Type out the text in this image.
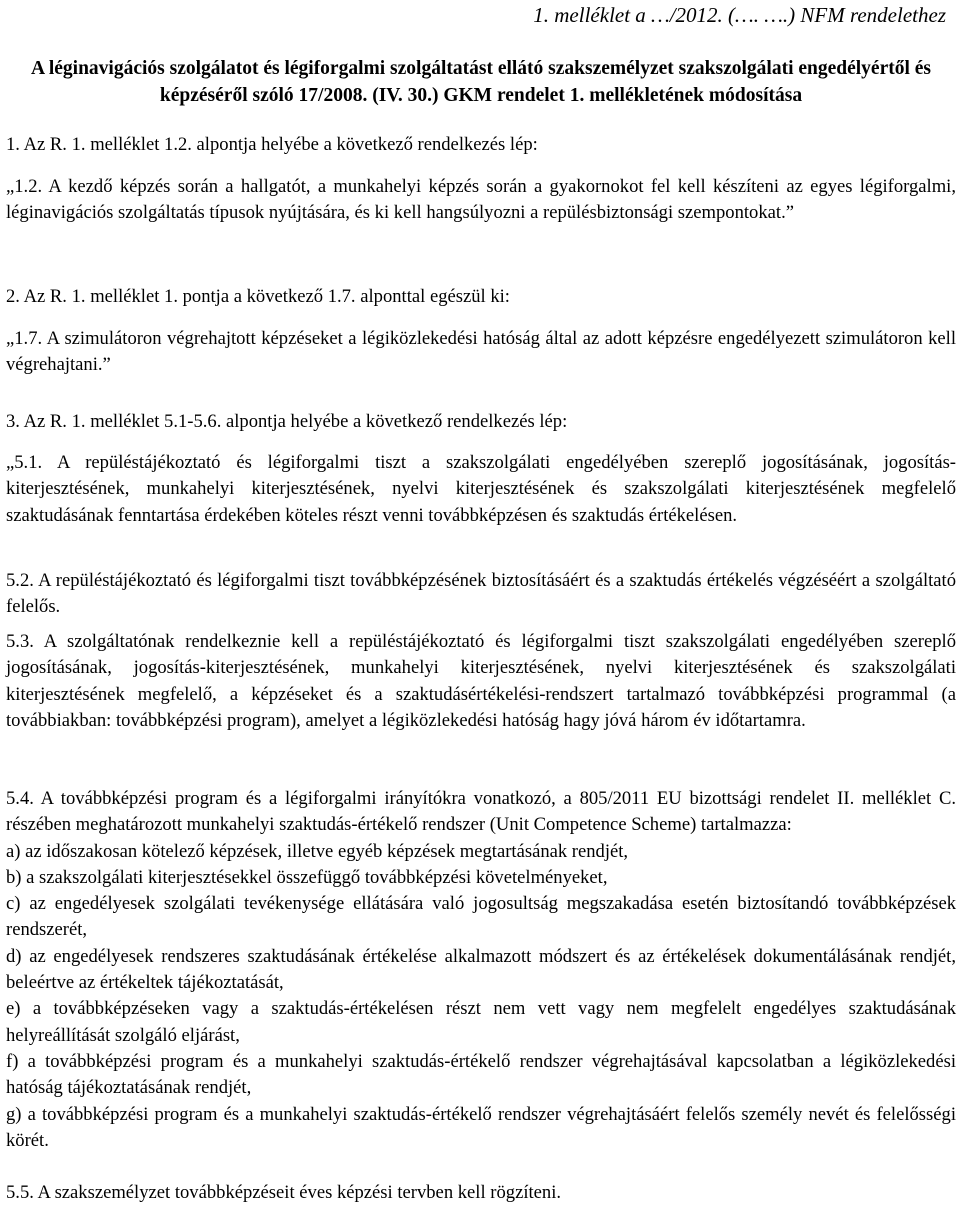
1. melléklet a …/2012. (…. ….) NFM rendelethez
A léginavigációs szolgálatot és légiforgalmi szolgáltatást ellátó szakszemélyzet szakszolgálati engedélyértől és képzéséről szóló 17/2008. (IV. 30.) GKM rendelet 1. mellékletének módosítása

1. Az R. 1. melléklet 1.2. alpontja helyébe a következő rendelkezés lép:

„1.2. A kezdő képzés során a hallgatót, a munkahelyi képzés során a gyakornokot fel kell készíteni az egyes légiforgalmi, léginavigációs szolgáltatás típusok nyújtására, és ki kell hangsúlyozni a repülésbiztonsági szempontokat.”

2. Az R. 1. melléklet 1. pontja a következő 1.7. alponttal egészül ki:

„1.7. A szimulátoron végrehajtott képzéseket a légiközlekedési hatóság által az adott képzésre engedélyezett szimulátoron kell végrehajtani.”

3. Az R. 1. melléklet 5.1-5.6. alpontja helyébe a következő rendelkezés lép:

„5.1. A repüléstájékoztató és légiforgalmi tiszt a szakszolgálati engedélyében szereplő jogosításának, jogosítás-kiterjesztésének, munkahelyi kiterjesztésének, nyelvi kiterjesztésének és szakszolgálati kiterjesztésének megfelelő szaktudásának fenntartása érdekében köteles részt venni továbbképzésen és szaktudás értékelésen.

5.2. A repüléstájékoztató és légiforgalmi tiszt továbbképzésének biztosításáért és a szaktudás értékelés végzéséért a szolgáltató felelős.

5.3. A szolgáltatónak rendelkeznie kell a repüléstájékoztató és légiforgalmi tiszt szakszolgálati engedélyében szereplő jogosításának, jogosítás-kiterjesztésének, munkahelyi kiterjesztésének, nyelvi kiterjesztésének és szakszolgálati kiterjesztésének megfelelő, a képzéseket és a szaktudásértékelési-rendszert tartalmazó továbbképzési programmal (a továbbiakban: továbbképzési program), amelyet a légiközlekedési hatóság hagy jóvá három év időtartamra.

5.4. A továbbképzési program és a légiforgalmi irányítókra vonatkozó, a 805/2011 EU bizottsági rendelet II. melléklet C. részében meghatározott munkahelyi szaktudás-értékelő rendszer (Unit Competence Scheme) tartalmazza:
a) az időszakosan kötelező képzések, illetve egyéb képzések megtartásának rendjét,
b) a szakszolgálati kiterjesztésekkel összefüggő továbbképzési követelményeket,
c) az engedélyesek szolgálati tevékenysége ellátására való jogosultság megszakadása esetén biztosítandó továbbképzések rendszerét,
d) az engedélyesek rendszeres szaktudásának értékelése alkalmazott módszert és az értékelések dokumentálásának rendjét, beleértve az értékeltek tájékoztatását,
e) a továbbképzéseken vagy a szaktudás-értékelésen részt nem vett vagy nem megfelelt engedélyes szaktudásának helyreállítását szolgáló eljárást,
f) a továbbképzési program és a munkahelyi szaktudás-értékelő rendszer végrehajtásával kapcsolatban a légiközlekedési hatóság tájékoztatásának rendjét,
g) a továbbképzési program és a munkahelyi szaktudás-értékelő rendszer végrehajtásáért felelős személy nevét és felelősségi körét.

5.5. A szakszemélyzet továbbképzéseit éves képzési tervben kell rögzíteni.
